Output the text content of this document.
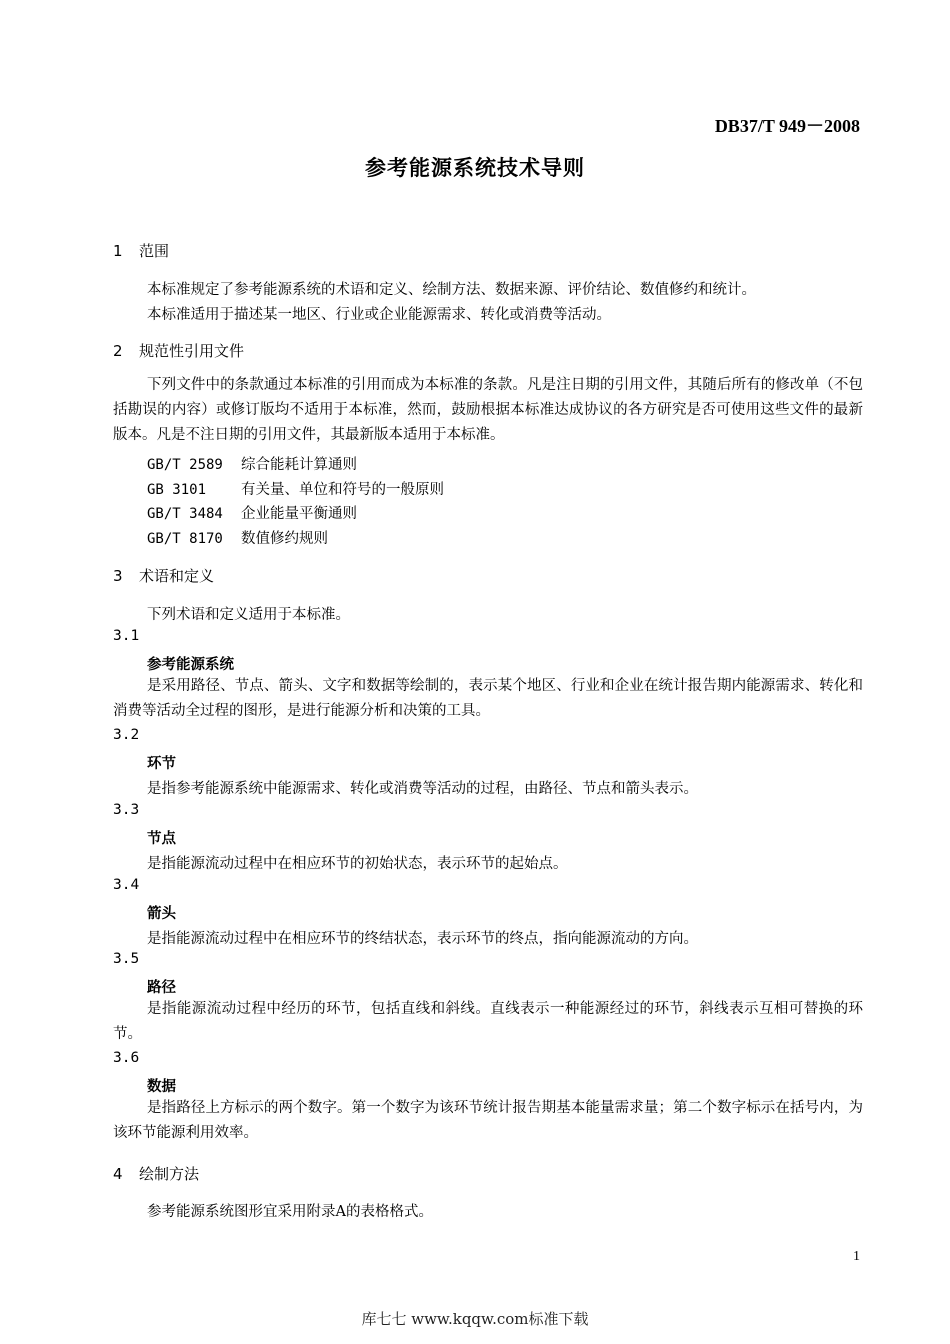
DB37/T 949－2008
参考能源系统技术导则
1 范围
本标准规定了参考能源系统的术语和定义、绘制方法、数据来源、评价结论、数值修约和统计。
本标准适用于描述某一地区、行业或企业能源需求、转化或消费等活动。
2 规范性引用文件
下列文件中的条款通过本标准的引用而成为本标准的条款。凡是注日期的引用文件，其随后所有的修改单（不包括勘误的内容）或修订版均不适用于本标准，然而，鼓励根据本标准达成协议的各方研究是否可使用这些文件的最新版本。凡是不注日期的引用文件，其最新版本适用于本标准。
GB/T 2589 综合能耗计算通则
GB 3101 有关量、单位和符号的一般原则
GB/T 3484 企业能量平衡通则
GB/T 8170 数值修约规则
3 术语和定义
下列术语和定义适用于本标准。
3.1
参考能源系统
是采用路径、节点、箭头、文字和数据等绘制的，表示某个地区、行业和企业在统计报告期内能源需求、转化和消费等活动全过程的图形，是进行能源分析和决策的工具。
3.2
环节
是指参考能源系统中能源需求、转化或消费等活动的过程，由路径、节点和箭头表示。
3.3
节点
是指能源流动过程中在相应环节的初始状态，表示环节的起始点。
3.4
箭头
是指能源流动过程中在相应环节的终结状态，表示环节的终点，指向能源流动的方向。
3.5
路径
是指能源流动过程中经历的环节，包括直线和斜线。直线表示一种能源经过的环节，斜线表示互相可替换的环节。
3.6
数据
是指路径上方标示的两个数字。第一个数字为该环节统计报告期基本能量需求量；第二个数字标示在括号内，为该环节能源利用效率。
4 绘制方法
参考能源系统图形宜采用附录A的表格格式。
1
库七七 www.kqqw.com标准下载
